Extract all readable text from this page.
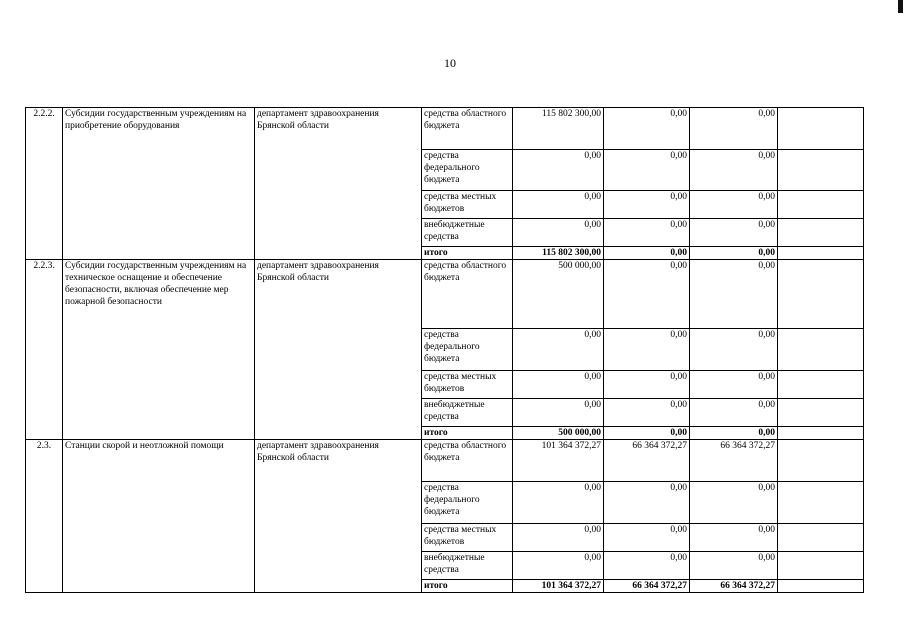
10
2.2.2.	Субсидии государственным учреждениям на приобретение оборудования	департамент здравоохранения Брянской области	средства областного бюджета	115 802 300,00	0,00	0,00	
			средства федерального бюджета	0,00	0,00	0,00	
			средства местных бюджетов	0,00	0,00	0,00	
			внебюджетные средства	0,00	0,00	0,00	
			итого	115 802 300,00	0,00	0,00	
2.2.3.	Субсидии государственным учреждениям на техническое оснащение и обеспечение безопасности, включая обеспечение мер пожарной безопасности	департамент здравоохранения Брянской области	средства областного бюджета	500 000,00	0,00	0,00	
			средства федерального бюджета	0,00	0,00	0,00	
			средства местных бюджетов	0,00	0,00	0,00	
			внебюджетные средства	0,00	0,00	0,00	
			итого	500 000,00	0,00	0,00	
2.3.	Станции скорой и неотложной помощи	департамент здравоохранения Брянской области	средства областного бюджета	101 364 372,27	66 364 372,27	66 364 372,27	
			средства федерального бюджета	0,00	0,00	0,00	
			средства местных бюджетов	0,00	0,00	0,00	
			внебюджетные средства	0,00	0,00	0,00	
			итого	101 364 372,27	66 364 372,27	66 364 372,27	
